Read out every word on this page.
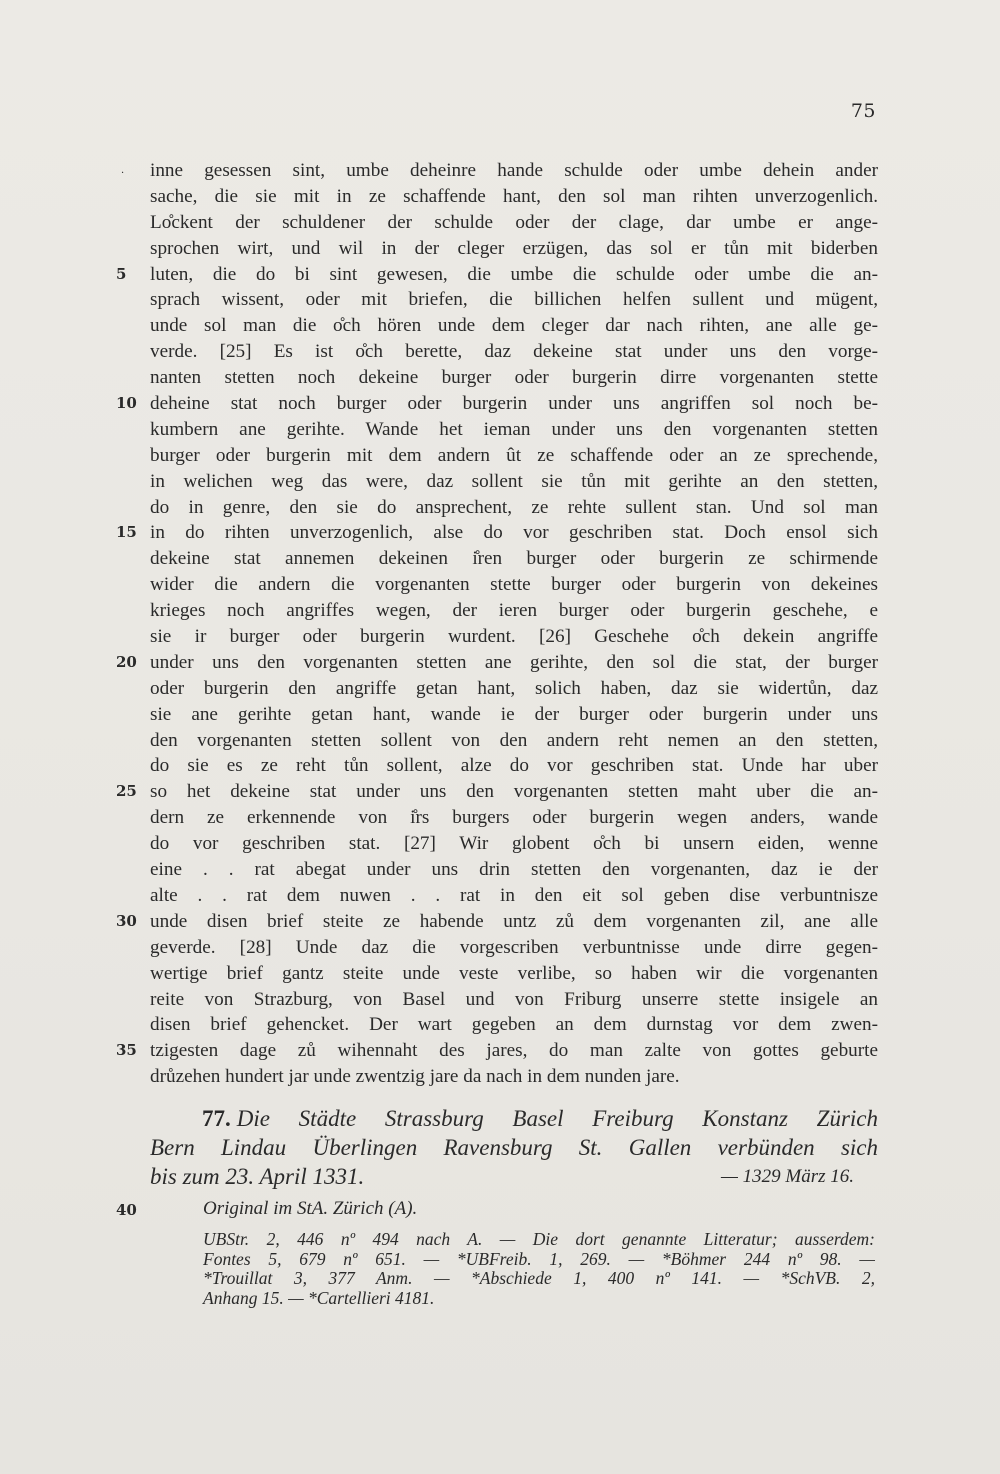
75
· inne gesessen sint, umbe deheinre hande schulde oder umbe dehein ander
sache, die sie mit in ze schaffende hant, den sol man rihten unverzogenlich.
Lo̊ckent der schuldener der schulde oder der clage, dar umbe er ange-
sprochen wirt, und wil in der cleger erzügen, das sol er tůn mit biderben
5	luten, die do bi sint gewesen, die umbe die schulde oder umbe die an-
sprach wissent, oder mit briefen, die billichen helfen sullent und mügent,
unde sol man die o̊ch hören unde dem cleger dar nach rihten, ane alle ge-
verde. [25] Es ist o̊ch berette, daz dekeine stat under uns den vorge-
nanten stetten noch dekeine burger oder burgerin dirre vorgenanten stette
10 deheine stat noch burger oder burgerin under uns angriffen sol noch be-
kumbern ane gerihte. Wande het ieman under uns den vorgenanten stetten
burger oder burgerin mit dem andern ût ze schaffende oder an ze sprechende,
in welichen weg das were, daz sollent sie tůn mit gerihte an den stetten,
do in genre, den sie do ansprechent, ze rehte sullent stan. Und sol man
15 in do rihten unverzogenlich, alse do vor geschriben stat. Doch ensol sich
dekeine stat annemen dekeinen i̊ren burger oder burgerin ze schirmende
wider die andern die vorgenanten stette burger oder burgerin von dekeines
krieges noch angriffes wegen, der ieren burger oder burgerin geschehe, e
sie ir burger oder burgerin wurdent. [26] Geschehe o̊ch dekein angriffe
20 under uns den vorgenanten stetten ane gerihte, den sol die stat, der burger
oder burgerin den angriffe getan hant, solich haben, daz sie widertůn, daz
sie ane gerihte getan hant, wande ie der burger oder burgerin under uns
den vorgenanten stetten sollent von den andern reht nemen an den stetten,
do sie es ze reht tůn sollent, alze do vor geschriben stat. Unde har uber
25 so het dekeine stat under uns den vorgenanten stetten maht uber die an-
dern ze erkennende von i̊rs burgers oder burgerin wegen anders, wande
do vor geschriben stat. [27] Wir globent o̊ch bi unsern eiden, wenne
eine . . rat abegat under uns drin stetten den vorgenanten, daz ie der
alte . . rat dem nuwen . . rat in den eit sol geben dise verbuntnisze
30 unde disen brief steite ze habende untz zů dem vorgenanten zil, ane alle
geverde. [28] Unde daz die vorgescriben verbuntnisse unde dirre gegen-
wertige brief gantz steite unde veste verlibe, so haben wir die vorgenanten
reite von Strazburg, von Basel und von Friburg unserre stette insigele an
disen brief gehencket. Der wart gegeben an dem durnstag vor dem zwen-
35 tzigesten dage zů wihennaht des jares, do man zalte von gottes geburte
drůzehen hundert jar unde zwentzig jare da nach in dem nunden jare.
77. Die Städte Strassburg Basel Freiburg Konstanz Zürich
Bern Lindau Überlingen Ravensburg St. Gallen verbünden sich
bis zum 23. April 1331.	— 1329 März 16.
40	Original im StA. Zürich (A).
UBStr. 2, 446 nº 494 nach A. — Die dort genannte Litteratur; ausserdem:
Fontes 5, 679 nº 651. — *UBFreib. 1, 269. — *Böhmer 244 nº 98. —
*Trouillat 3, 377 Anm. — *Abschiede 1, 400 nº 141. — *SchVB. 2,
Anhang 15. — *Cartellieri 4181.
